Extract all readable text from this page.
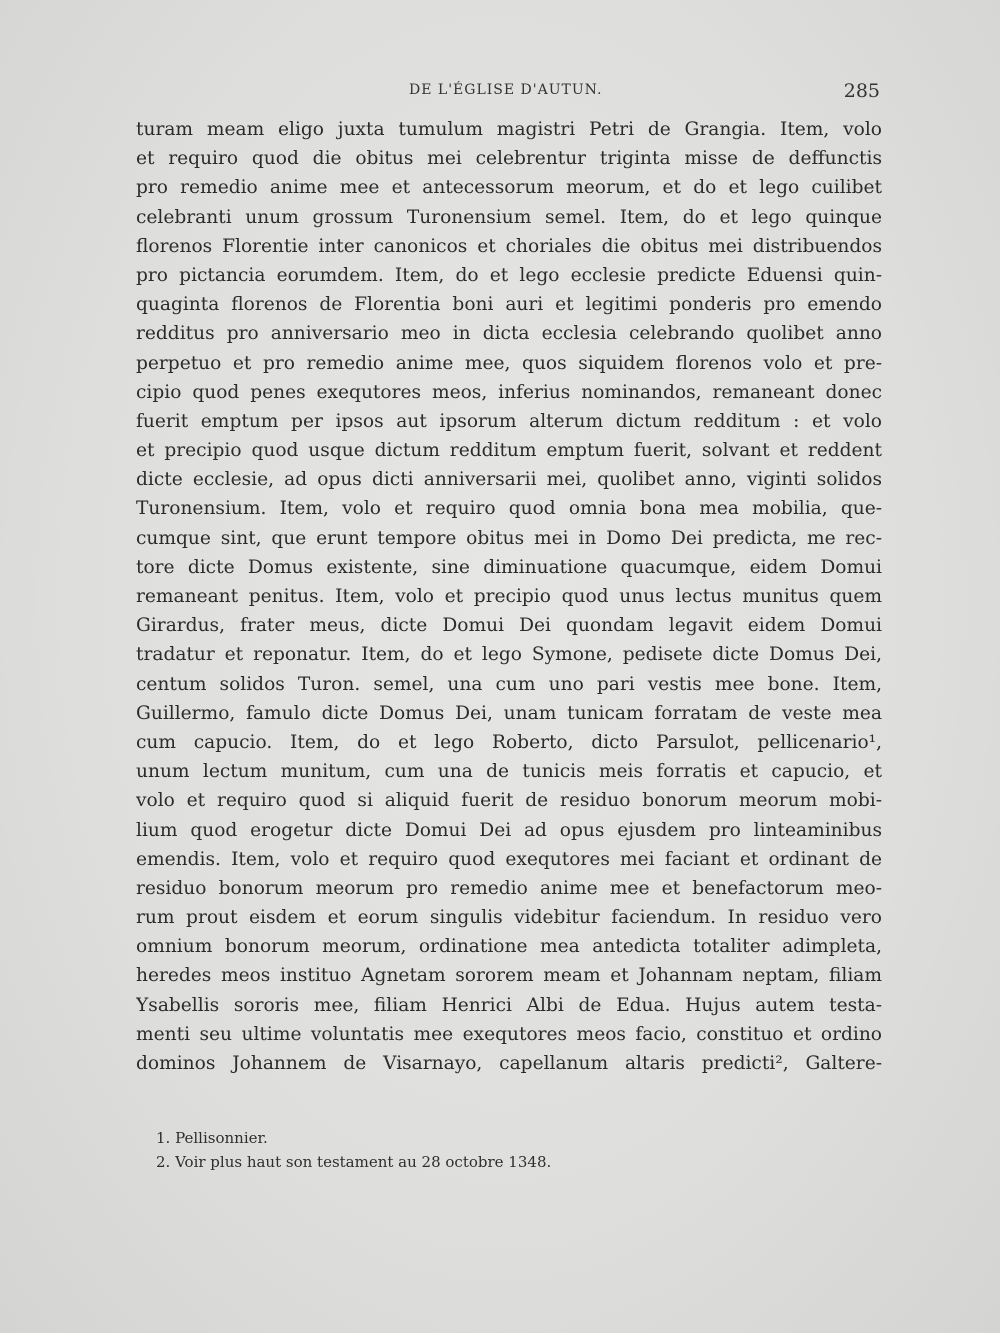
DE L'ÉGLISE D'AUTUN.	285
turam meam eligo juxta tumulum magistri Petri de Grangia. Item, volo
et requiro quod die obitus mei celebrentur triginta misse de deffunctis
pro remedio anime mee et antecessorum meorum, et do et lego cuilibet
celebranti unum grossum Turonensium semel. Item, do et lego quinque
florenos Florentie inter canonicos et choriales die obitus mei distribuendos
pro pictancia eorumdem. Item, do et lego ecclesie predicte Eduensi quin-
quaginta florenos de Florentia boni auri et legitimi ponderis pro emendo
redditus pro anniversario meo in dicta ecclesia celebrando quolibet anno
perpetuo et pro remedio anime mee, quos siquidem florenos volo et pre-
cipio quod penes exequtores meos, inferius nominandos, remaneant donec
fuerit emptum per ipsos aut ipsorum alterum dictum redditum : et volo
et precipio quod usque dictum redditum emptum fuerit, solvant et reddent
dicte ecclesie, ad opus dicti anniversarii mei, quolibet anno, viginti solidos
Turonensium. Item, volo et requiro quod omnia bona mea mobilia, que-
cumque sint, que erunt tempore obitus mei in Domo Dei predicta, me rec-
tore dicte Domus existente, sine diminuatione quacumque, eidem Domui
remaneant penitus. Item, volo et precipio quod unus lectus munitus quem
Girardus, frater meus, dicte Domui Dei quondam legavit eidem Domui
tradatur et reponatur. Item, do et lego Symone, pedisete dicte Domus Dei,
centum solidos Turon. semel, una cum uno pari vestis mee bone. Item,
Guillermo, famulo dicte Domus Dei, unam tunicam forratam de veste mea
cum capucio. Item, do et lego Roberto, dicto Parsulot, pellicenario¹,
unum lectum munitum, cum una de tunicis meis forratis et capucio, et
volo et requiro quod si aliquid fuerit de residuo bonorum meorum mobi-
lium quod erogetur dicte Domui Dei ad opus ejusdem pro linteaminibus
emendis. Item, volo et requiro quod exequtores mei faciant et ordinant de
residuo bonorum meorum pro remedio anime mee et benefactorum meo-
rum prout eisdem et eorum singulis videbitur faciendum. In residuo vero
omnium bonorum meorum, ordinatione mea antedicta totaliter adimpleta,
heredes meos instituo Agnetam sororem meam et Johannam neptam, filiam
Ysabellis sororis mee, filiam Henrici Albi de Edua. Hujus autem testa-
menti seu ultime voluntatis mee exequtores meos facio, constituo et ordino
dominos Johannem de Visarnayo, capellanum altaris predicti², Galtere-
1. Pellisonnier.
2. Voir plus haut son testament au 28 octobre 1348.
